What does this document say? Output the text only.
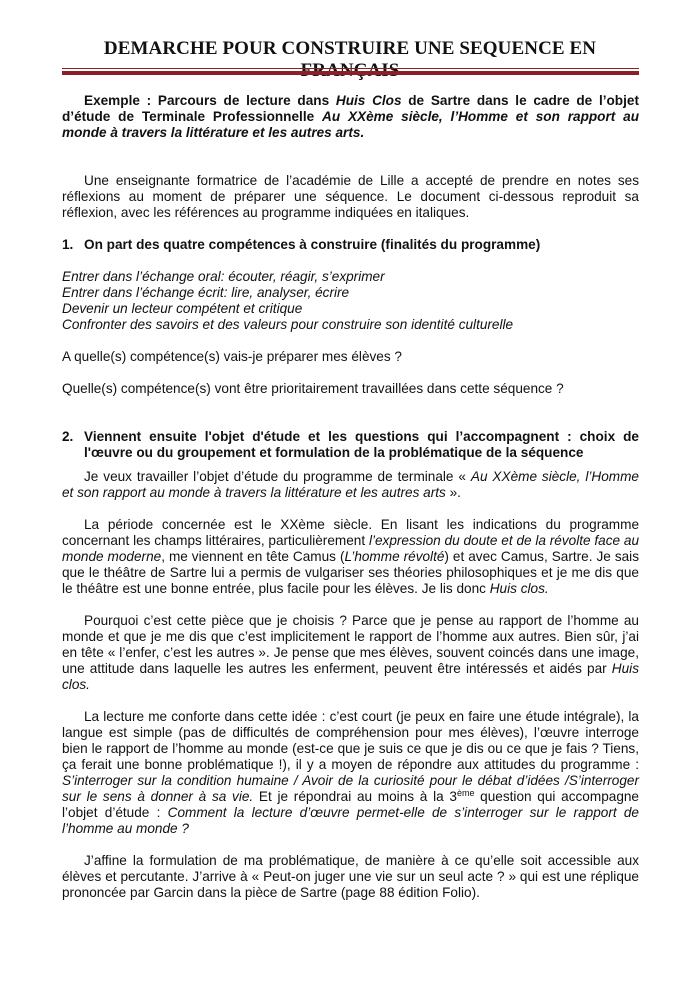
DEMARCHE POUR CONSTRUIRE UNE SEQUENCE EN

Exemple : Parcours de lecture dans Huis Clos de Sartre dans le cadre de l’objet d’étude de Terminale Professionnelle Au XXème siècle, l’Homme et son rapport au monde à travers la littérature et les autres arts.

Une enseignante formatrice de l’académie de Lille a accepté de prendre en notes ses réflexions au moment de préparer une séquence. Le document ci-dessous reproduit sa réflexion, avec les références au programme indiquées en italiques.

1. On part des quatre compétences à construire (finalités du programme)
Entrer dans l’échange oral: écouter, réagir, s’exprimer
Entrer dans l’échange écrit: lire, analyser, écrire
Devenir un lecteur compétent et critique
Confronter des savoirs et des valeurs pour construire son identité culturelle

A quelle(s) compétence(s) vais-je préparer mes élèves ?

Quelle(s) compétence(s) vont être prioritairement travaillées dans cette séquence ?

2. Viennent ensuite l'objet d'étude et les questions qui l’accompagnent : choix de l'œuvre ou du groupement et formulation de la problématique de la séquence

Je veux travailler l’objet d’étude du programme de terminale « Au XXème siècle, l’Homme et son rapport au monde à travers la littérature et les autres arts ».

La période concernée est le XXème siècle. En lisant les indications du programme concernant les champs littéraires, particulièrement l’expression du doute et de la révolte face au monde moderne, me viennent en tête Camus (L’homme révolté) et avec Camus, Sartre. Je sais que le théâtre de Sartre lui a permis de vulgariser ses théories philosophiques et je me dis que le théâtre est une bonne entrée, plus facile pour les élèves. Je lis donc Huis clos.

Pourquoi c’est cette pièce que je choisis ? Parce que je pense au rapport de l’homme au monde et que je me dis que c’est implicitement le rapport de l’homme aux autres. Bien sûr, j’ai en tête « l’enfer, c’est les autres ». Je pense que mes élèves, souvent coincés dans une image, une attitude dans laquelle les autres les enferment, peuvent être intéressés et aidés par Huis clos.

La lecture me conforte dans cette idée : c’est court (je peux en faire une étude intégrale), la langue est simple (pas de difficultés de compréhension pour mes élèves), l’œuvre interroge bien le rapport de l’homme au monde (est-ce que je suis ce que je dis ou ce que je fais ? Tiens, ça ferait une bonne problématique !), il y a moyen de répondre aux attitudes du programme : S’interroger sur la condition humaine / Avoir de la curiosité pour le débat d’idées /S’interroger sur le sens à donner à sa vie. Et je répondrai au moins à la 3ème question qui accompagne l’objet d’étude : Comment la lecture d’œuvre permet-elle de s’interroger sur le rapport de l’homme au monde ?

J’affine la formulation de ma problématique, de manière à ce qu’elle soit accessible aux élèves et percutante. J’arrive à « Peut-on juger une vie sur un seul acte ? » qui est une réplique prononcée par Garcin dans la pièce de Sartre (page 88 édition Folio).
